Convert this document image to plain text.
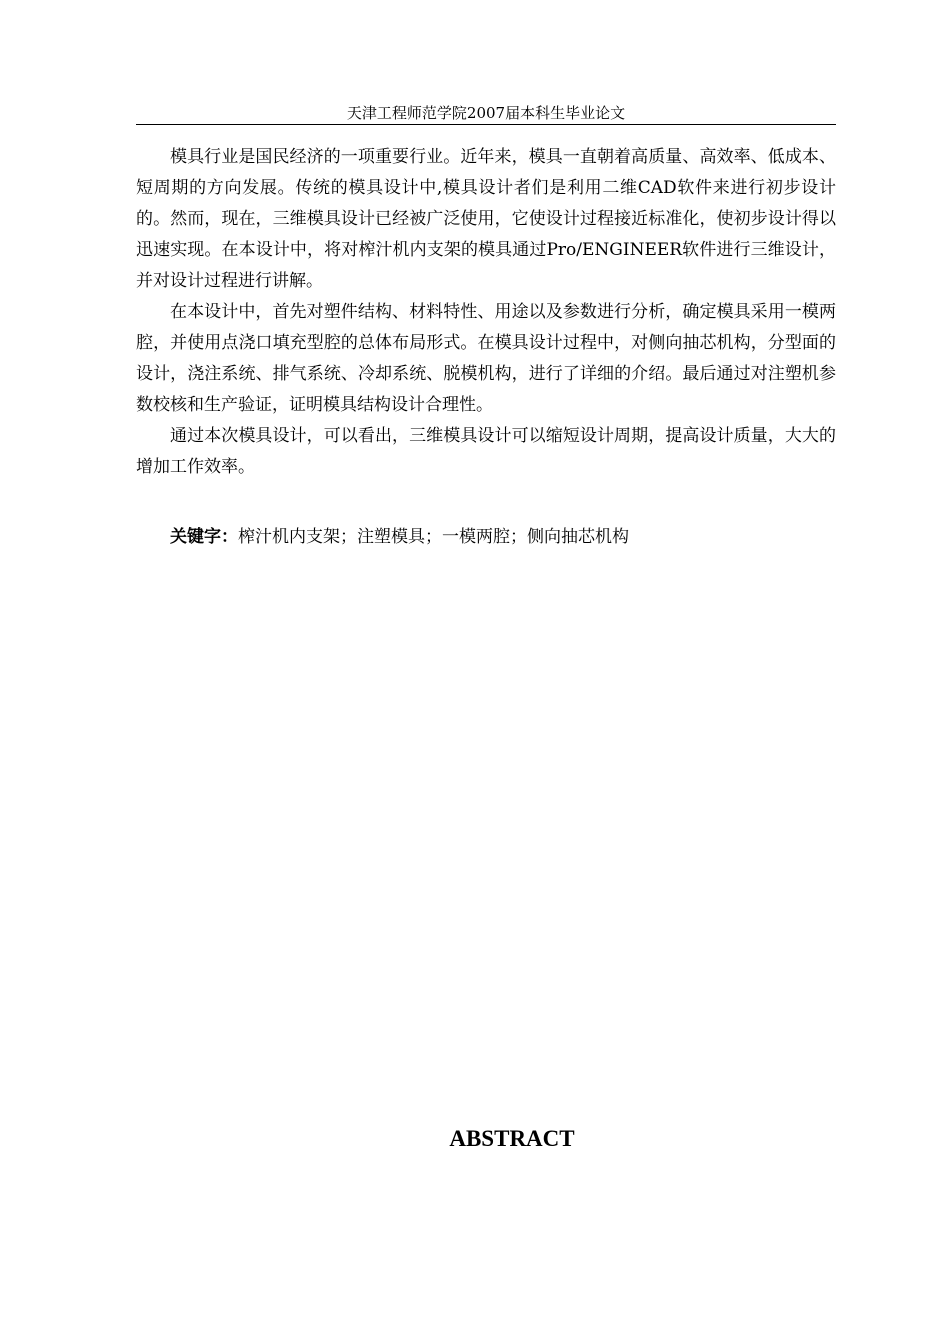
天津工程师范学院2007届本科生毕业论文

模具行业是国民经济的一项重要行业。近年来，模具一直朝着高质量、高效率、低成本、短周期的方向发展。传统的模具设计中,模具设计者们是利用二维CAD软件来进行初步设计的。然而，现在，三维模具设计已经被广泛使用，它使设计过程接近标准化，使初步设计得以迅速实现。在本设计中，将对榨汁机内支架的模具通过Pro/ENGINEER软件进行三维设计，并对设计过程进行讲解。

在本设计中，首先对塑件结构、材料特性、用途以及参数进行分析，确定模具采用一模两腔，并使用点浇口填充型腔的总体布局形式。在模具设计过程中，对侧向抽芯机构，分型面的设计，浇注系统、排气系统、冷却系统、脱模机构，进行了详细的介绍。最后通过对注塑机参数校核和生产验证，证明模具结构设计合理性。

通过本次模具设计，可以看出，三维模具设计可以缩短设计周期，提高设计质量，大大的增加工作效率。

关键字：榨汁机内支架；注塑模具；一模两腔；侧向抽芯机构
ABSTRACT
